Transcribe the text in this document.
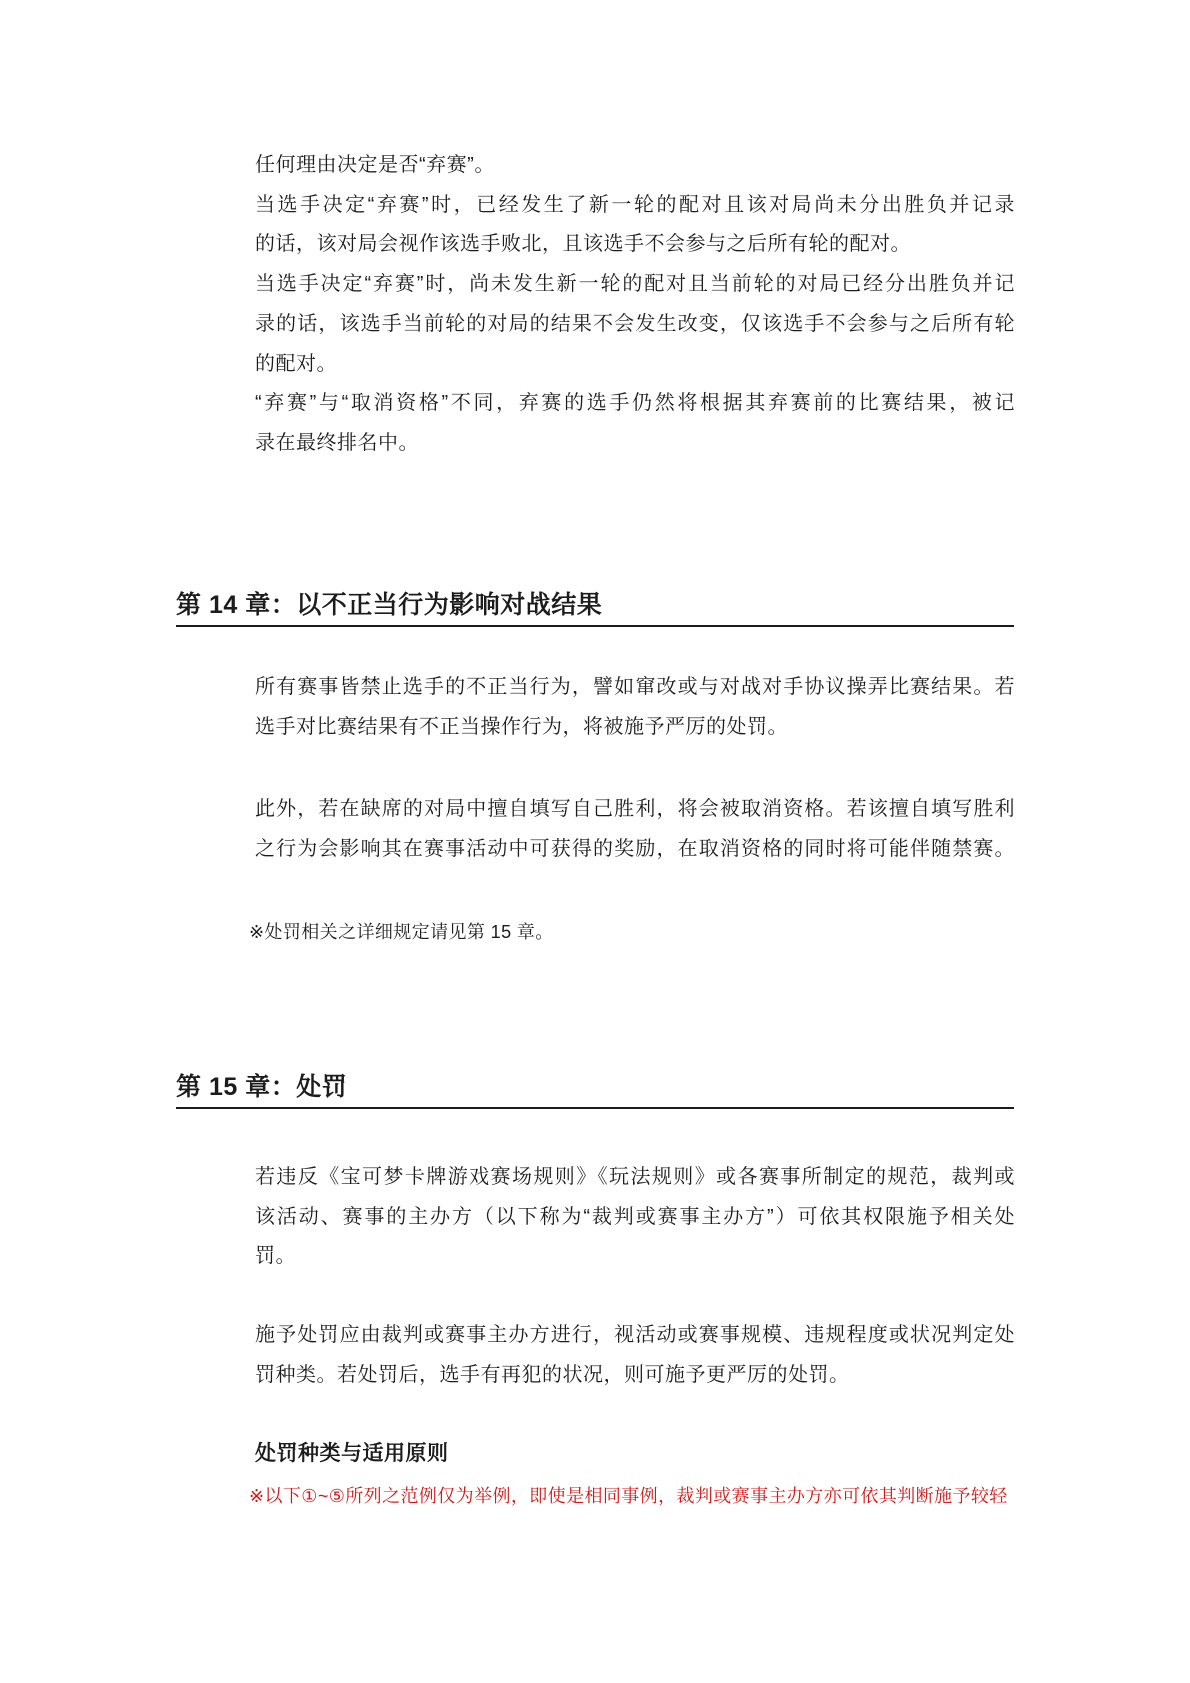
任何理由决定是否“弃赛”。
当选手决定“弃赛”时，已经发生了新一轮的配对且该对局尚未分出胜负并记录
的话，该对局会视作该选手败北，且该选手不会参与之后所有轮的配对。
当选手决定“弃赛”时，尚未发生新一轮的配对且当前轮的对局已经分出胜负并记
录的话，该选手当前轮的对局的结果不会发生改变，仅该选手不会参与之后所有轮
的配对。
“弃赛”与“取消资格”不同，弃赛的选手仍然将根据其弃赛前的比赛结果，被记
录在最终排名中。
第 14 章：以不正当行为影响对战结果
所有赛事皆禁止选手的不正当行为，譬如窜改或与对战对手协议操弄比赛结果。若
选手对比赛结果有不正当操作行为，将被施予严厉的处罚。
此外，若在缺席的对局中擅自填写自己胜利，将会被取消资格。若该擅自填写胜利
之行为会影响其在赛事活动中可获得的奖励，在取消资格的同时将可能伴随禁赛。
※处罚相关之详细规定请见第 15 章。
第 15 章：处罚
若违反《宝可梦卡牌游戏赛场规则》《玩法规则》或各赛事所制定的规范，裁判或
该活动、赛事的主办方（以下称为“裁判或赛事主办方”）可依其权限施予相关处
罚。
施予处罚应由裁判或赛事主办方进行，视活动或赛事规模、违规程度或状况判定处
罚种类。若处罚后，选手有再犯的状况，则可施予更严厉的处罚。
处罚种类与适用原则
※以下①~⑤所列之范例仅为举例，即使是相同事例，裁判或赛事主办方亦可依其判断施予较轻
